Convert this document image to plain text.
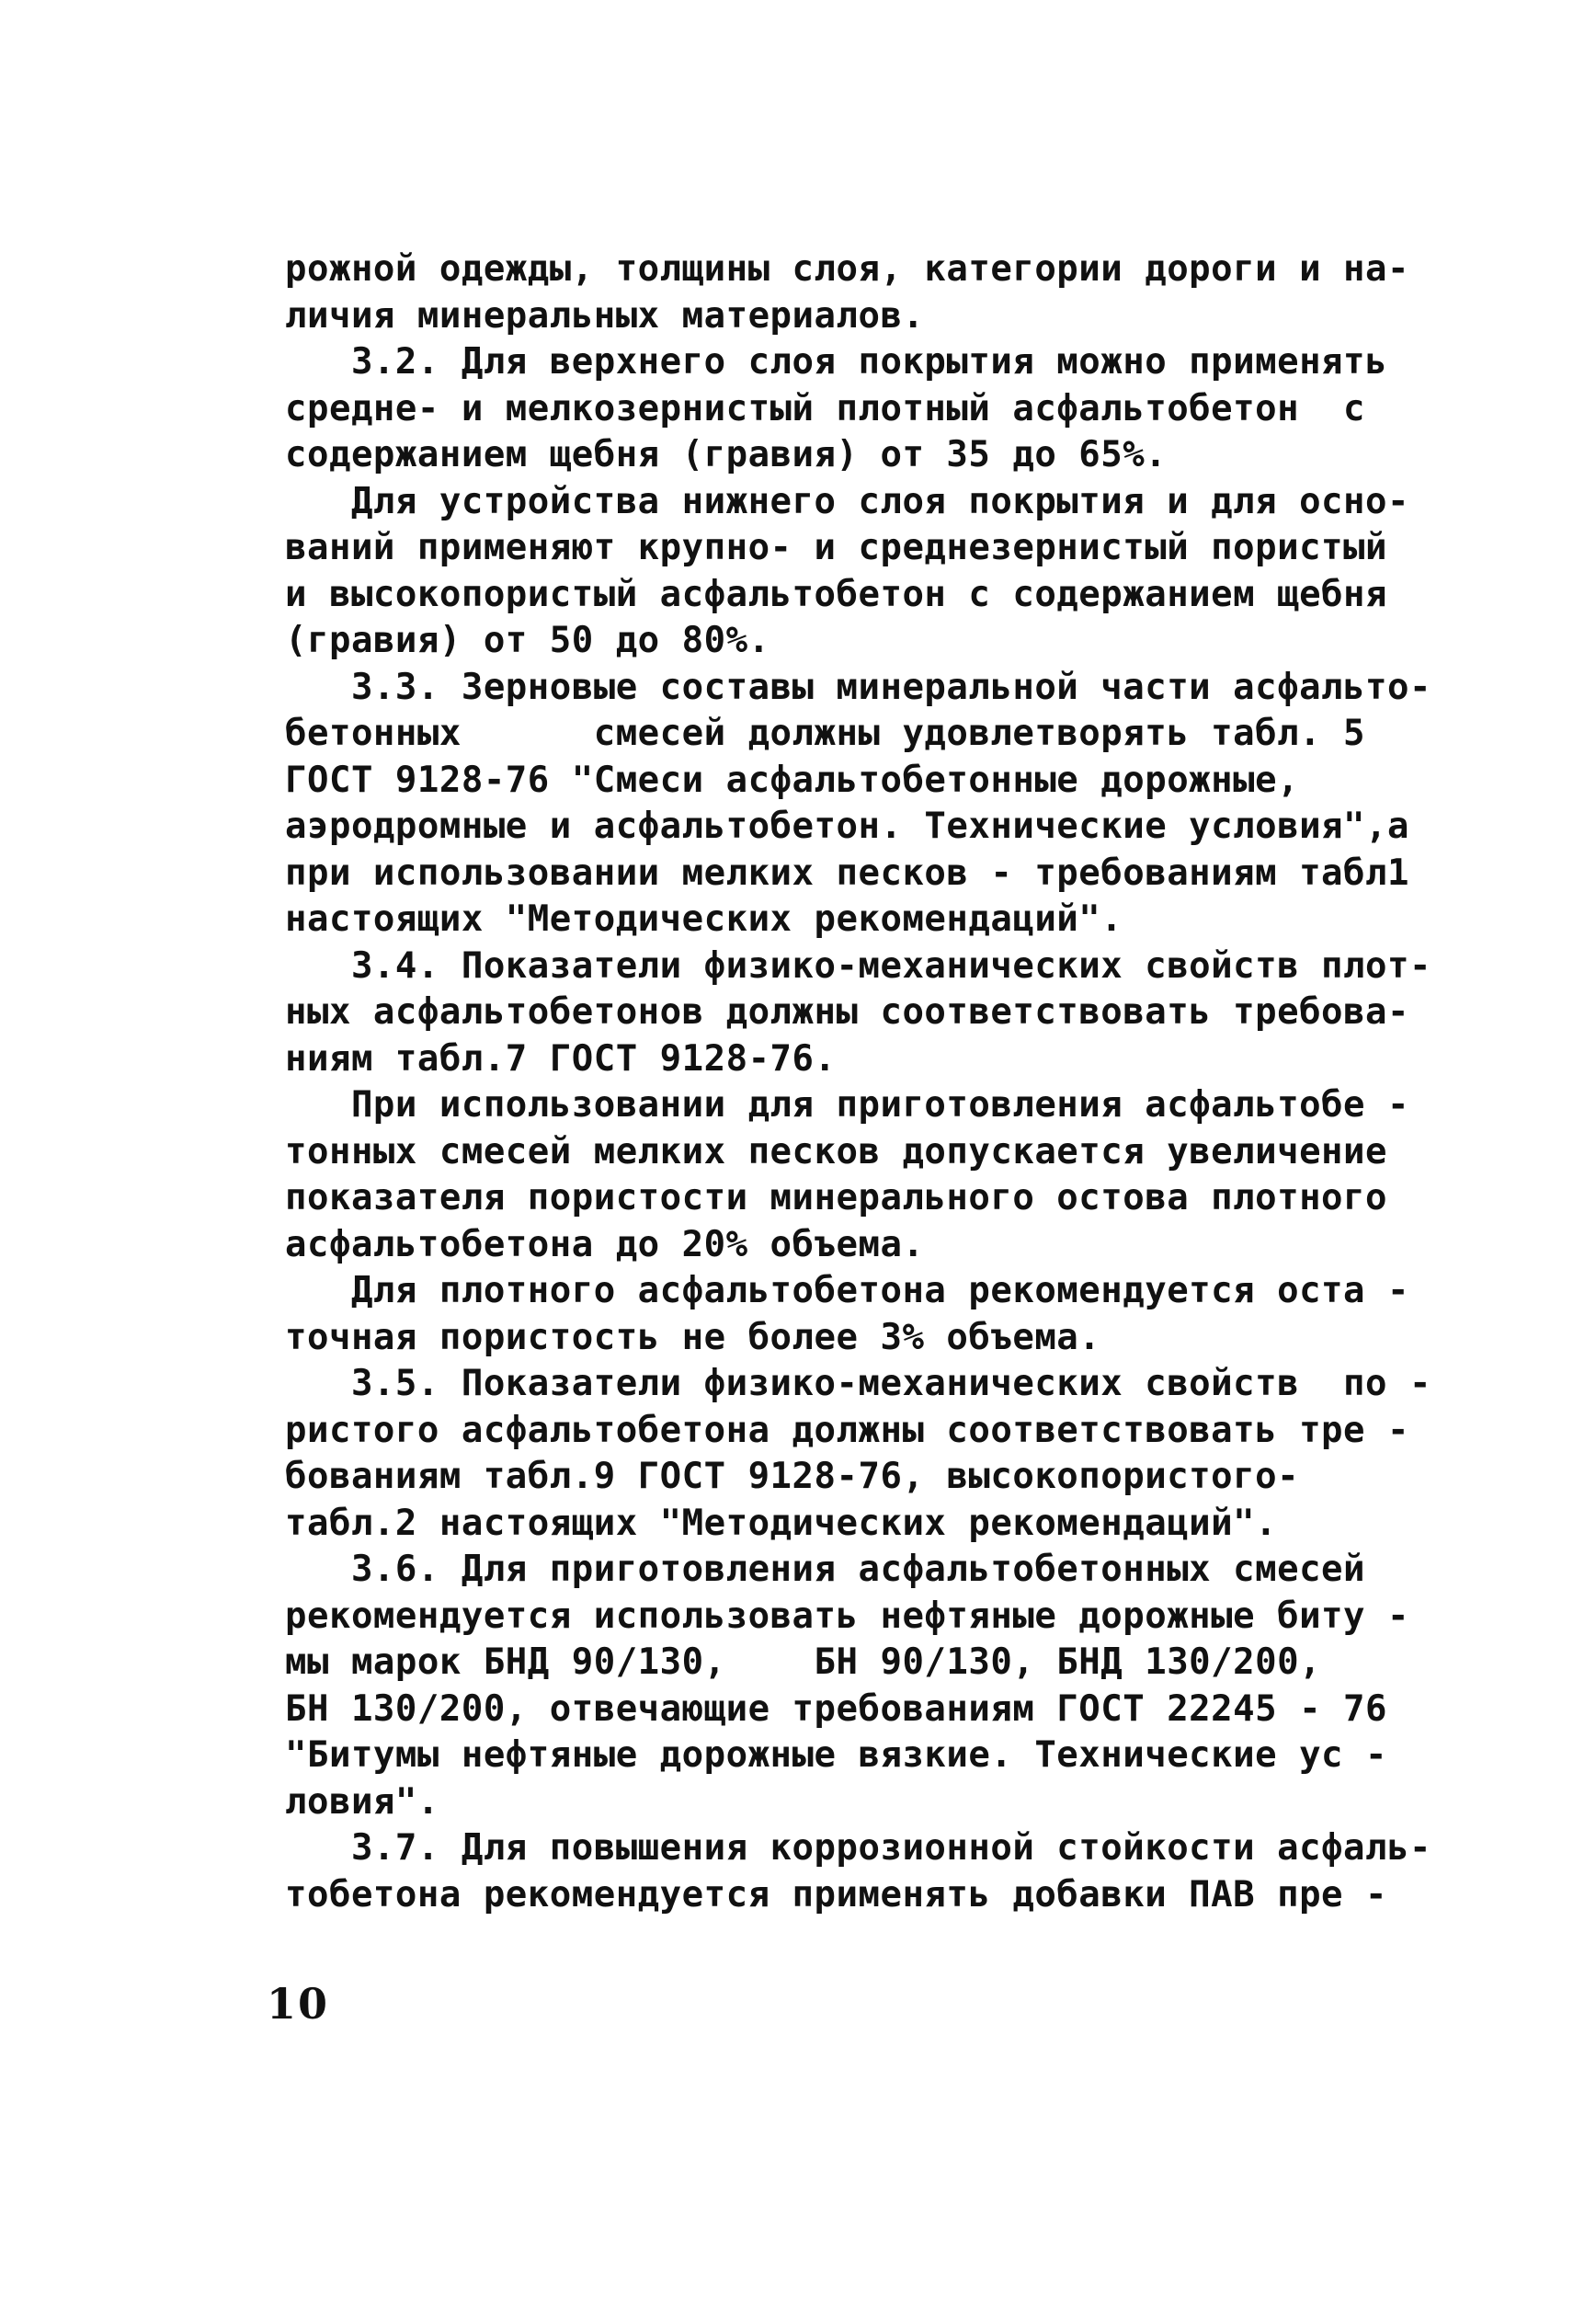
рожной одежды, толщины слоя, категории дороги и на-
личия минеральных материалов.
3.2. Для верхнего слоя покрытия можно применять
средне- и мелкозернистый плотный асфальтобетон  с
содержанием щебня (гравия) от 35 до 65%.
Для устройства нижнего слоя покрытия и для осно-
ваний применяют крупно- и среднезернистый пористый
и высокопористый асфальтобетон с содержанием щебня
(гравия) от 50 до 80%.
3.3. Зерновые составы минеральной части асфальто-
бетонных      смесей должны удовлетворять табл. 5
ГОСТ 9128-76 "Смеси асфальтобетонные дорожные,
аэродромные и асфальтобетон. Технические условия",а
при использовании мелких песков - требованиям табл1
настоящих "Методических рекомендаций".
3.4. Показатели физико-механических свойств плот-
ных асфальтобетонов должны соответствовать требова-
ниям табл.7 ГОСТ 9128-76.
При использовании для приготовления асфальтобе -
тонных смесей мелких песков допускается увеличение
показателя пористости минерального остова плотного
асфальтобетона до 20% объема.
Для плотного асфальтобетона рекомендуется оста -
точная пористость не более 3% объема.
3.5. Показатели физико-механических свойств  по -
ристого асфальтобетона должны соответствовать тре -
бованиям табл.9 ГОСТ 9128-76, высокопористого-
табл.2 настоящих "Методических рекомендаций".
3.6. Для приготовления асфальтобетонных смесей
рекомендуется использовать нефтяные дорожные биту -
мы марок БНД 90/130,    БН 90/130, БНД 130/200,
БН 130/200, отвечающие требованиям ГОСТ 22245 - 76
"Битумы нефтяные дорожные вязкие. Технические ус -
ловия".
3.7. Для повышения коррозионной стойкости асфаль-
тобетона рекомендуется применять добавки ПАВ пре -
10
